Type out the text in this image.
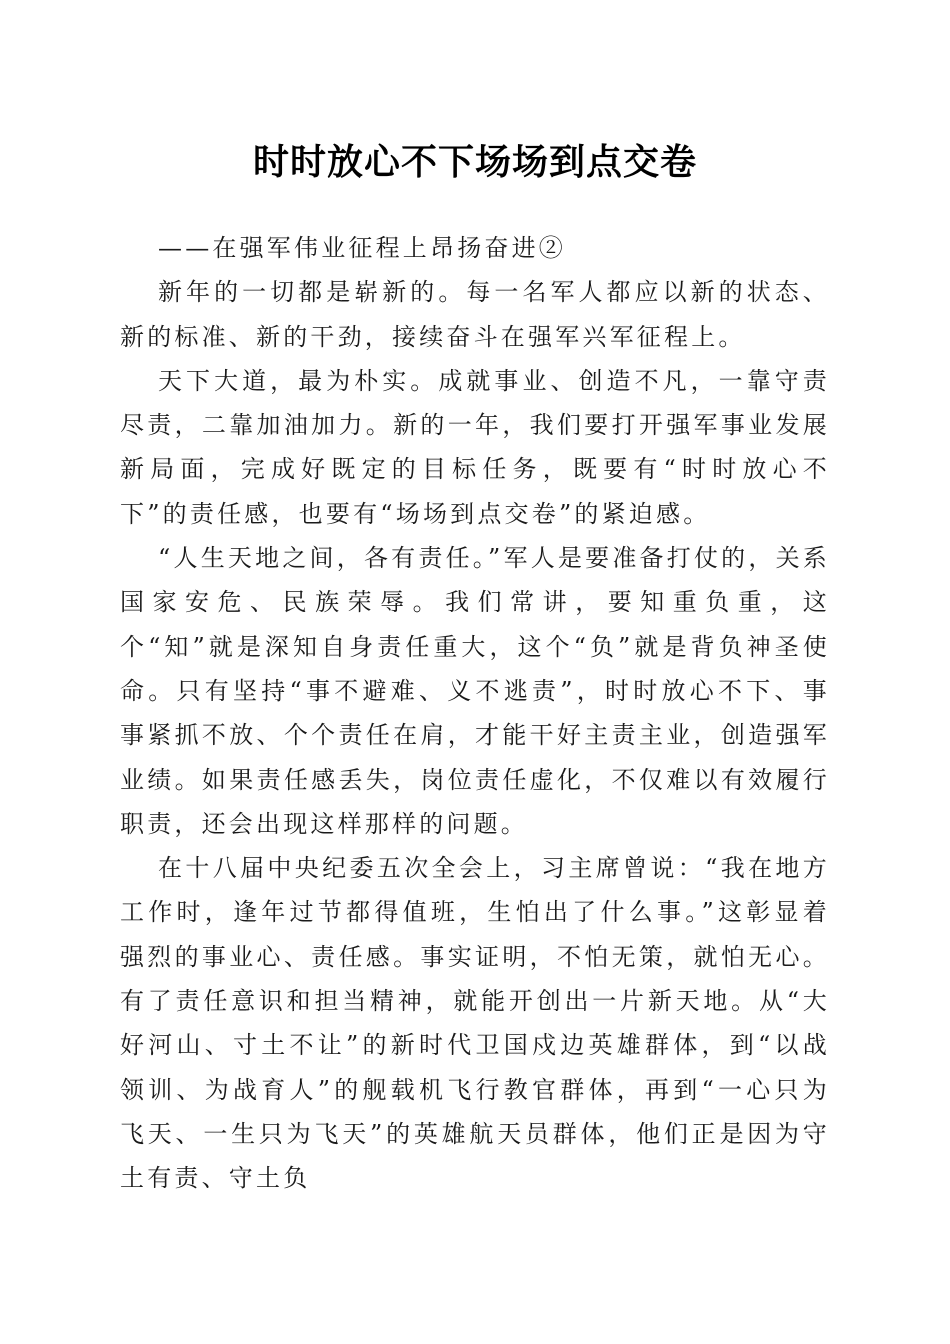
时时放心不下场场到点交卷
——在强军伟业征程上昂扬奋进②

新年的一切都是崭新的。每一名军人都应以新的状态、新的标准、新的干劲，接续奋斗在强军兴军征程上。

天下大道，最为朴实。成就事业、创造不凡，一靠守责尽责，二靠加油加力。新的一年，我们要打开强军事业发展新局面，完成好既定的目标任务，既要有“时时放心不下”的责任感，也要有“场场到点交卷”的紧迫感。

“人生天地之间，各有责任。”军人是要准备打仗的，关系国家安危、民族荣辱。我们常讲，要知重负重，这个“知”就是深知自身责任重大，这个“负”就是背负神圣使命。只有坚持“事不避难、义不逃责”，时时放心不下、事事紧抓不放、个个责任在肩，才能干好主责主业，创造强军业绩。如果责任感丢失，岗位责任虚化，不仅难以有效履行职责，还会出现这样那样的问题。

在十八届中央纪委五次全会上，习主席曾说：“我在地方工作时，逢年过节都得值班，生怕出了什么事。”这彰显着强烈的事业心、责任感。事实证明，不怕无策，就怕无心。有了责任意识和担当精神，就能开创出一片新天地。从“大好河山、寸土不让”的新时代卫国戍边英雄群体，到“以战领训、为战育人”的舰载机飞行教官群体，再到“一心只为飞天、一生只为飞天”的英雄航天员群体，他们正是因为守土有责、守土负
